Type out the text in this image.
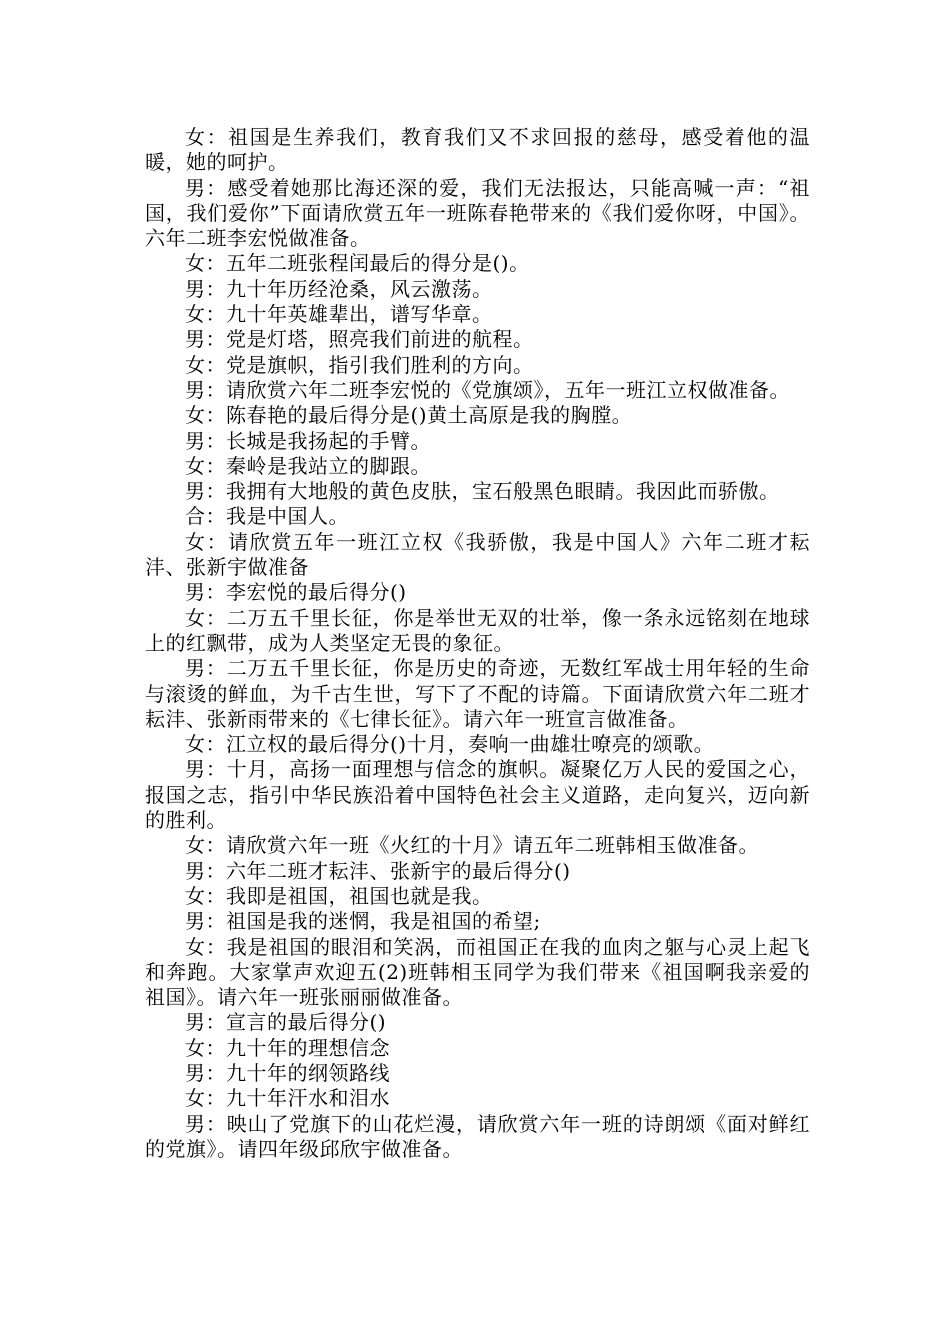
女：祖国是生养我们，教育我们又不求回报的慈母，感受着他的温暖，她的呵护。

男：感受着她那比海还深的爱，我们无法报达，只能高喊一声：“祖国，我们爱你”下面请欣赏五年一班陈春艳带来的《我们爱你呀，中国》。六年二班李宏悦做准备。

女：五年二班张程闰最后的得分是()。

男：九十年历经沧桑，风云激荡。

女：九十年英雄辈出，谱写华章。

男：党是灯塔，照亮我们前进的航程。

女：党是旗帜，指引我们胜利的方向。

男：请欣赏六年二班李宏悦的《党旗颂》，五年一班江立权做准备。

女：陈春艳的最后得分是()黄土高原是我的胸膛。

男：长城是我扬起的手臂。

女：秦岭是我站立的脚跟。

男：我拥有大地般的黄色皮肤，宝石般黑色眼睛。我因此而骄傲。

合：我是中国人。

女：请欣赏五年一班江立权《我骄傲，我是中国人》六年二班才耘沣、张新宇做准备

男：李宏悦的最后得分()

女：二万五千里长征，你是举世无双的壮举，像一条永远铭刻在地球上的红飘带，成为人类坚定无畏的象征。

男：二万五千里长征，你是历史的奇迹，无数红军战士用年轻的生命与滚烫的鲜血，为千古生世，写下了不配的诗篇。下面请欣赏六年二班才耘沣、张新雨带来的《七律长征》。请六年一班宣言做准备。

女：江立权的最后得分()十月，奏响一曲雄壮嘹亮的颂歌。

男：十月，高扬一面理想与信念的旗帜。凝聚亿万人民的爱国之心，报国之志，指引中华民族沿着中国特色社会主义道路，走向复兴，迈向新的胜利。

女：请欣赏六年一班《火红的十月》请五年二班韩相玉做准备。

男：六年二班才耘沣、张新宇的最后得分()

女：我即是祖国，祖国也就是我。

男：祖国是我的迷惘，我是祖国的希望;

女：我是祖国的眼泪和笑涡，而祖国正在我的血肉之躯与心灵上起飞和奔跑。大家掌声欢迎五(2)班韩相玉同学为我们带来《祖国啊我亲爱的祖国》。请六年一班张丽丽做准备。

男：宣言的最后得分()

女：九十年的理想信念

男：九十年的纲领路线

女：九十年汗水和泪水

男：映山了党旗下的山花烂漫，请欣赏六年一班的诗朗颂《面对鲜红的党旗》。请四年级邱欣宇做准备。
